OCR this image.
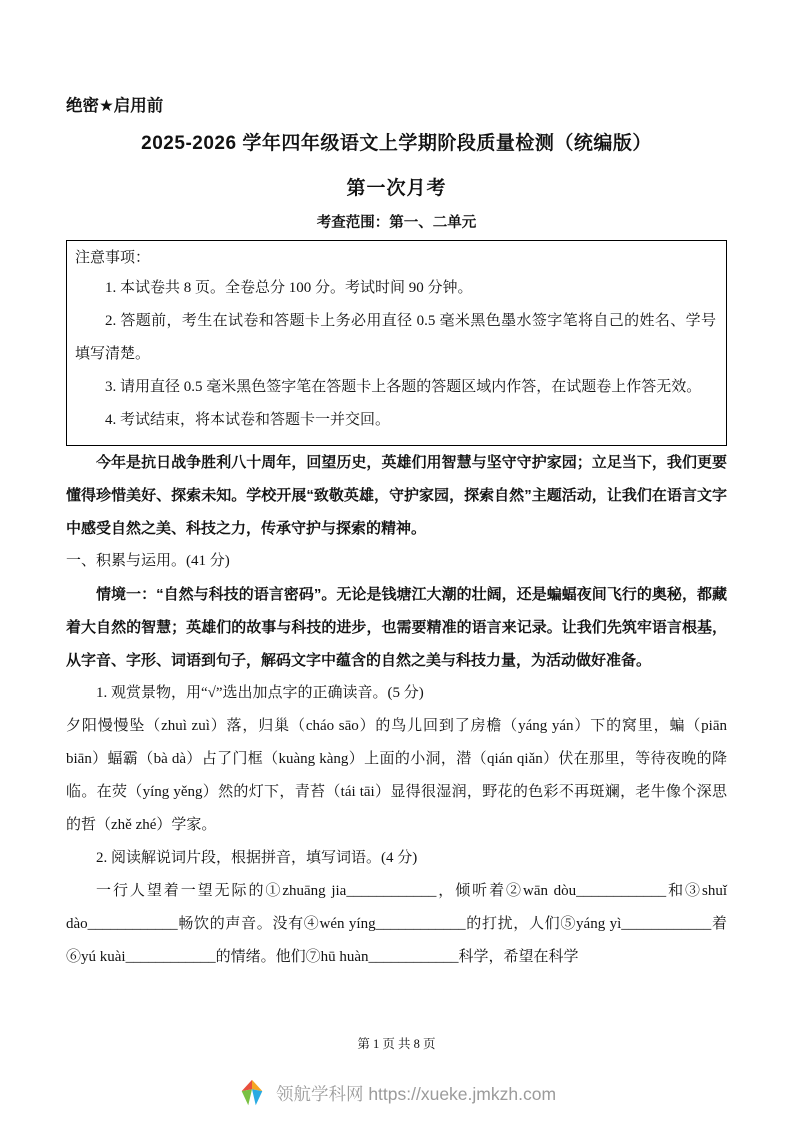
绝密★启用前
2025-2026 学年四年级语文上学期阶段质量检测（统编版）
第一次月考
考查范围：第一、二单元
注意事项：
1. 本试卷共 8 页。全卷总分 100 分。考试时间 90 分钟。
2. 答题前，考生在试卷和答题卡上务必用直径 0.5 毫米黑色墨水签字笔将自己的姓名、学号填写清楚。
3. 请用直径 0.5 毫米黑色签字笔在答题卡上各题的答题区域内作答，在试题卷上作答无效。
4. 考试结束，将本试卷和答题卡一并交回。
今年是抗日战争胜利八十周年，回望历史，英雄们用智慧与坚守守护家园；立足当下，我们更要懂得珍惜美好、探索未知。学校开展“致敬英雄，守护家园，探索自然”主题活动，让我们在语言文字中感受自然之美、科技之力，传承守护与探索的精神。
一、积累与运用。(41 分)
情境一：“自然与科技的语言密码”。无论是钱塘江大潮的壮阔，还是蝙蝠夜间飞行的奥秘，都藏着大自然的智慧；英雄们的故事与科技的进步，也需要精准的语言来记录。让我们先筑牢语言根基，从字音、字形、词语到句子，解码文字中蕴含的自然之美与科技力量，为活动做好准备。
1. 观赏景物，用“√”选出加点字的正确读音。(5 分)
夕阳慢慢坠（zhuì zuì）落，归巢（cháo sāo）的鸟儿回到了房檐（yáng yán）下的窝里，蝙（piān biān）蝠霸（bà dà）占了门框（kuàng kàng）上面的小洞，潜（qián qiǎn）伏在那里，等待夜晚的降临。在荧（yíng yěng）然的灯下，青苔（tái tāi）显得很湿润，野花的色彩不再斑斓，老牛像个深思的哲（zhě zhé）学家。
2. 阅读解说词片段，根据拼音，填写词语。(4 分)
一行人望着一望无际的①zhuāng jia____________，倾听着②wān dòu____________和③shuǐ dào____________畅饮的声音。没有④wén yíng____________的打扰，人们⑤yáng yì____________着⑥yú kuài____________的情绪。他们⑦hū huàn____________科学，希望在科学
第 1 页 共 8 页
领航学科网 https://xueke.jmkzh.com
